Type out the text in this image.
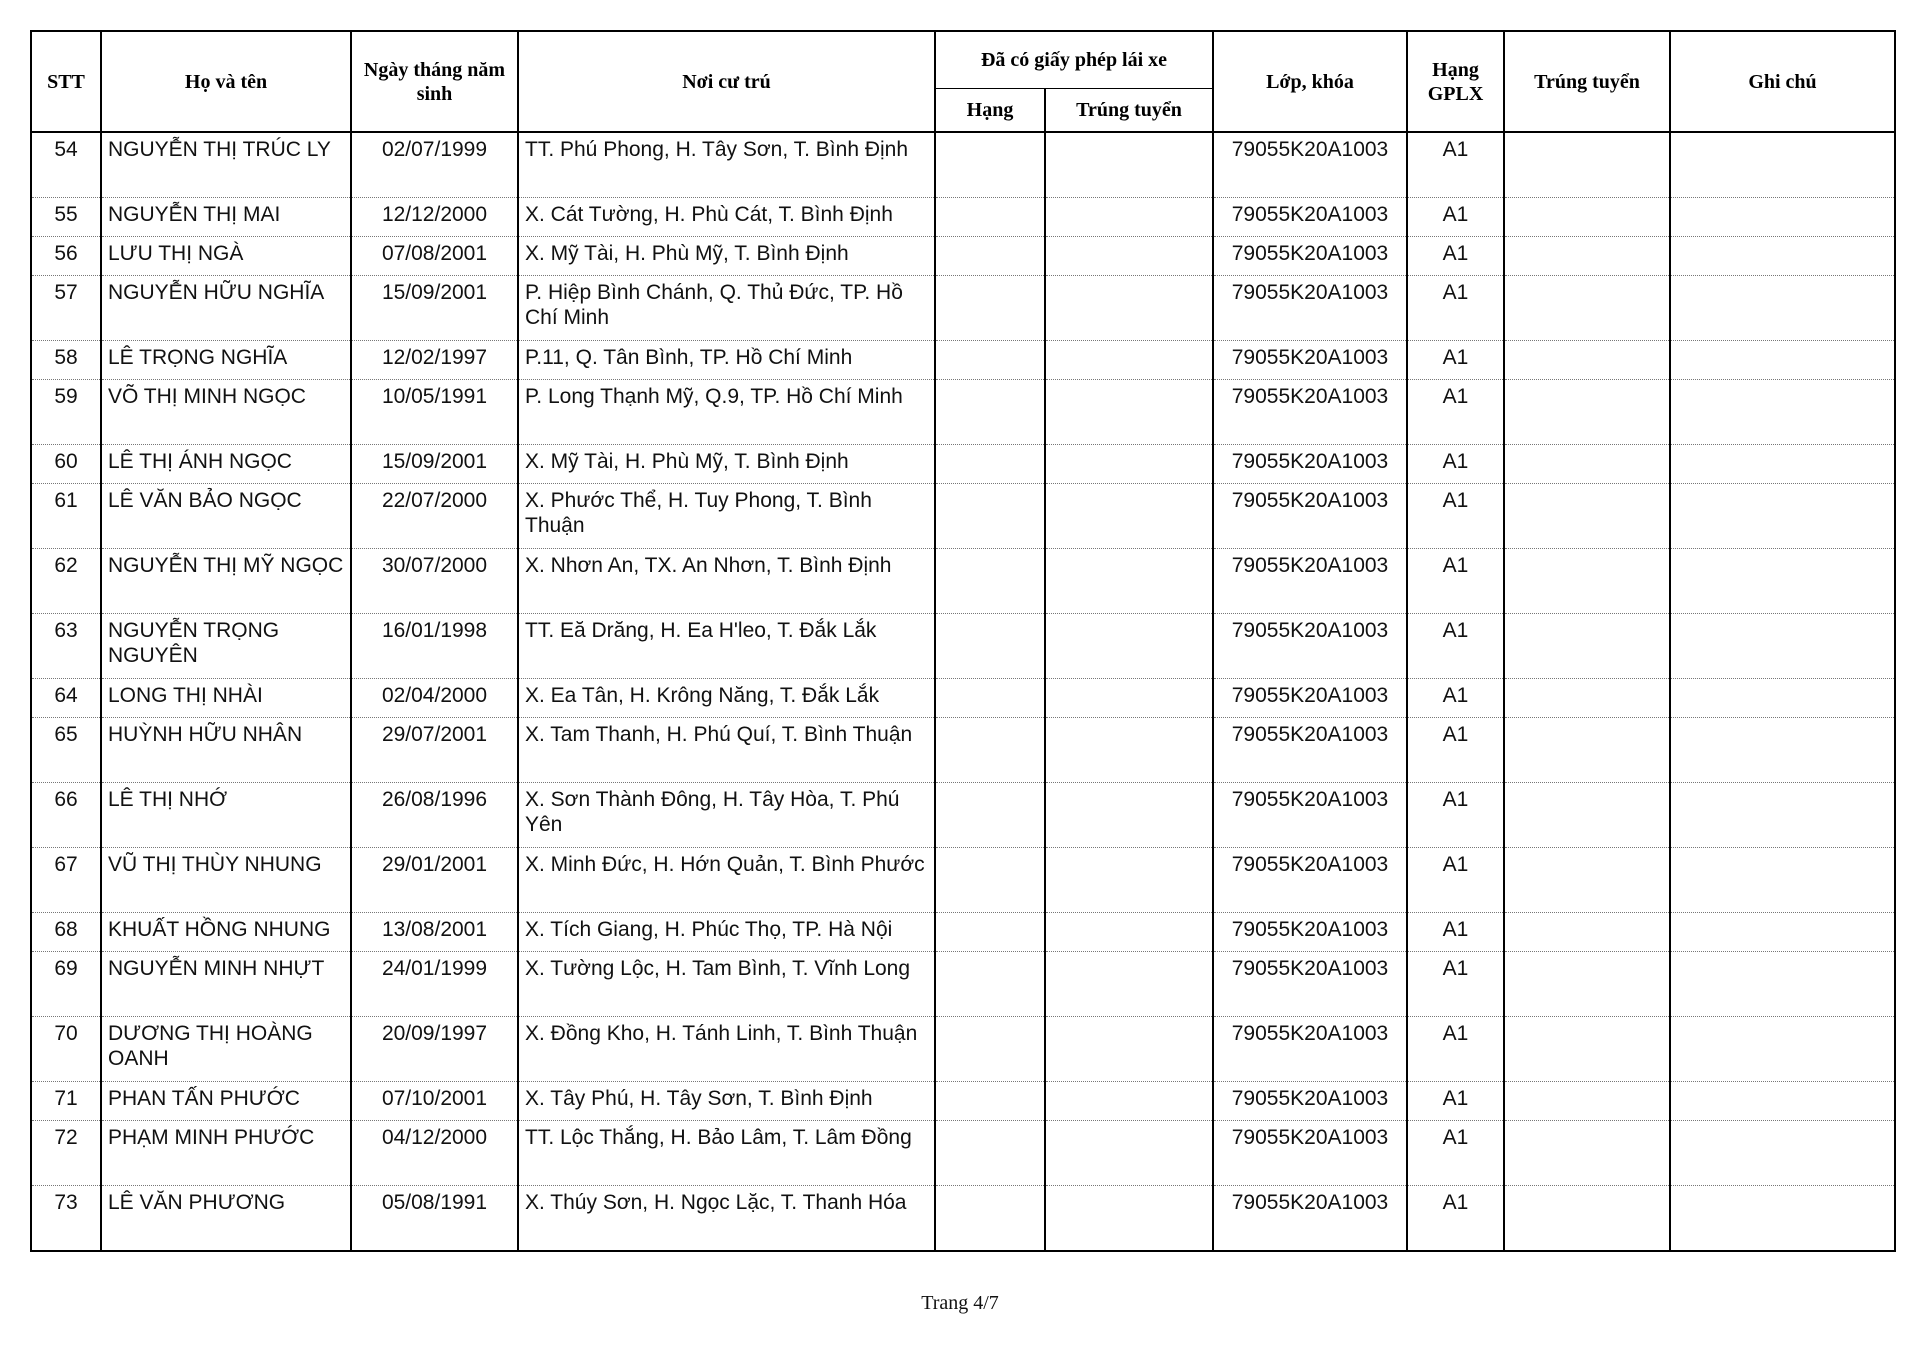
STT	Họ và tên	Ngày tháng năm sinh	Nơi cư trú	Đã có giấy phép lái xe		Lớp, khóa	Hạng GPLX	Trúng tuyển	Ghi chú
				Hạng	Trúng tuyển				
54	NGUYỄN THỊ TRÚC LY	02/07/1999	TT. Phú Phong, H. Tây Sơn, T. Bình Định			79055K20A1003	A1		
55	NGUYỄN THỊ MAI	12/12/2000	X. Cát Tường, H. Phù Cát, T. Bình Định			79055K20A1003	A1		
56	LƯU THỊ NGÀ	07/08/2001	X. Mỹ Tài, H. Phù Mỹ, T. Bình Định			79055K20A1003	A1		
57	NGUYỄN HỮU NGHĨA	15/09/2001	P. Hiệp Bình Chánh, Q. Thủ Đức, TP. Hồ Chí Minh			79055K20A1003	A1		
58	LÊ TRỌNG NGHĨA	12/02/1997	P.11, Q. Tân Bình, TP. Hồ Chí Minh			79055K20A1003	A1		
59	VÕ THỊ MINH NGỌC	10/05/1991	P. Long Thạnh Mỹ, Q.9, TP. Hồ Chí Minh			79055K20A1003	A1		
60	LÊ THỊ ÁNH NGỌC	15/09/2001	X. Mỹ Tài, H. Phù Mỹ, T. Bình Định			79055K20A1003	A1		
61	LÊ VĂN BẢO NGỌC	22/07/2000	X. Phước Thể, H. Tuy Phong, T. Bình Thuận			79055K20A1003	A1		
62	NGUYỄN THỊ MỸ NGỌC	30/07/2000	X. Nhơn An, TX. An Nhơn, T. Bình Định			79055K20A1003	A1		
63	NGUYỄN TRỌNG NGUYÊN	16/01/1998	TT. Eă Drăng, H. Ea H'leo, T. Đắk Lắk			79055K20A1003	A1		
64	LONG THỊ NHÀI	02/04/2000	X. Ea Tân, H. Krông Năng, T. Đắk Lắk			79055K20A1003	A1		
65	HUỲNH HỮU NHÂN	29/07/2001	X. Tam Thanh, H. Phú Quí, T. Bình Thuận			79055K20A1003	A1		
66	LÊ THỊ NHỚ	26/08/1996	X. Sơn Thành Đông, H. Tây Hòa, T. Phú Yên			79055K20A1003	A1		
67	VŨ THỊ THÙY NHUNG	29/01/2001	X. Minh Đức, H. Hớn Quản, T. Bình Phước			79055K20A1003	A1		
68	KHUẤT HỒNG NHUNG	13/08/2001	X. Tích Giang, H. Phúc Thọ, TP. Hà Nội			79055K20A1003	A1		
69	NGUYỄN MINH NHỰT	24/01/1999	X. Tường Lộc, H. Tam Bình, T. Vĩnh Long			79055K20A1003	A1		
70	DƯƠNG THỊ HOÀNG OANH	20/09/1997	X. Đồng Kho, H. Tánh Linh, T. Bình Thuận			79055K20A1003	A1		
71	PHAN TẤN PHƯỚC	07/10/2001	X. Tây Phú, H. Tây Sơn, T. Bình Định			79055K20A1003	A1		
72	PHẠM MINH PHƯỚC	04/12/2000	TT. Lộc Thắng, H. Bảo Lâm, T. Lâm Đồng			79055K20A1003	A1		
73	LÊ VĂN PHƯƠNG	05/08/1991	X. Thúy Sơn, H. Ngọc Lặc, T. Thanh Hóa			79055K20A1003	A1		
Trang 4/7
